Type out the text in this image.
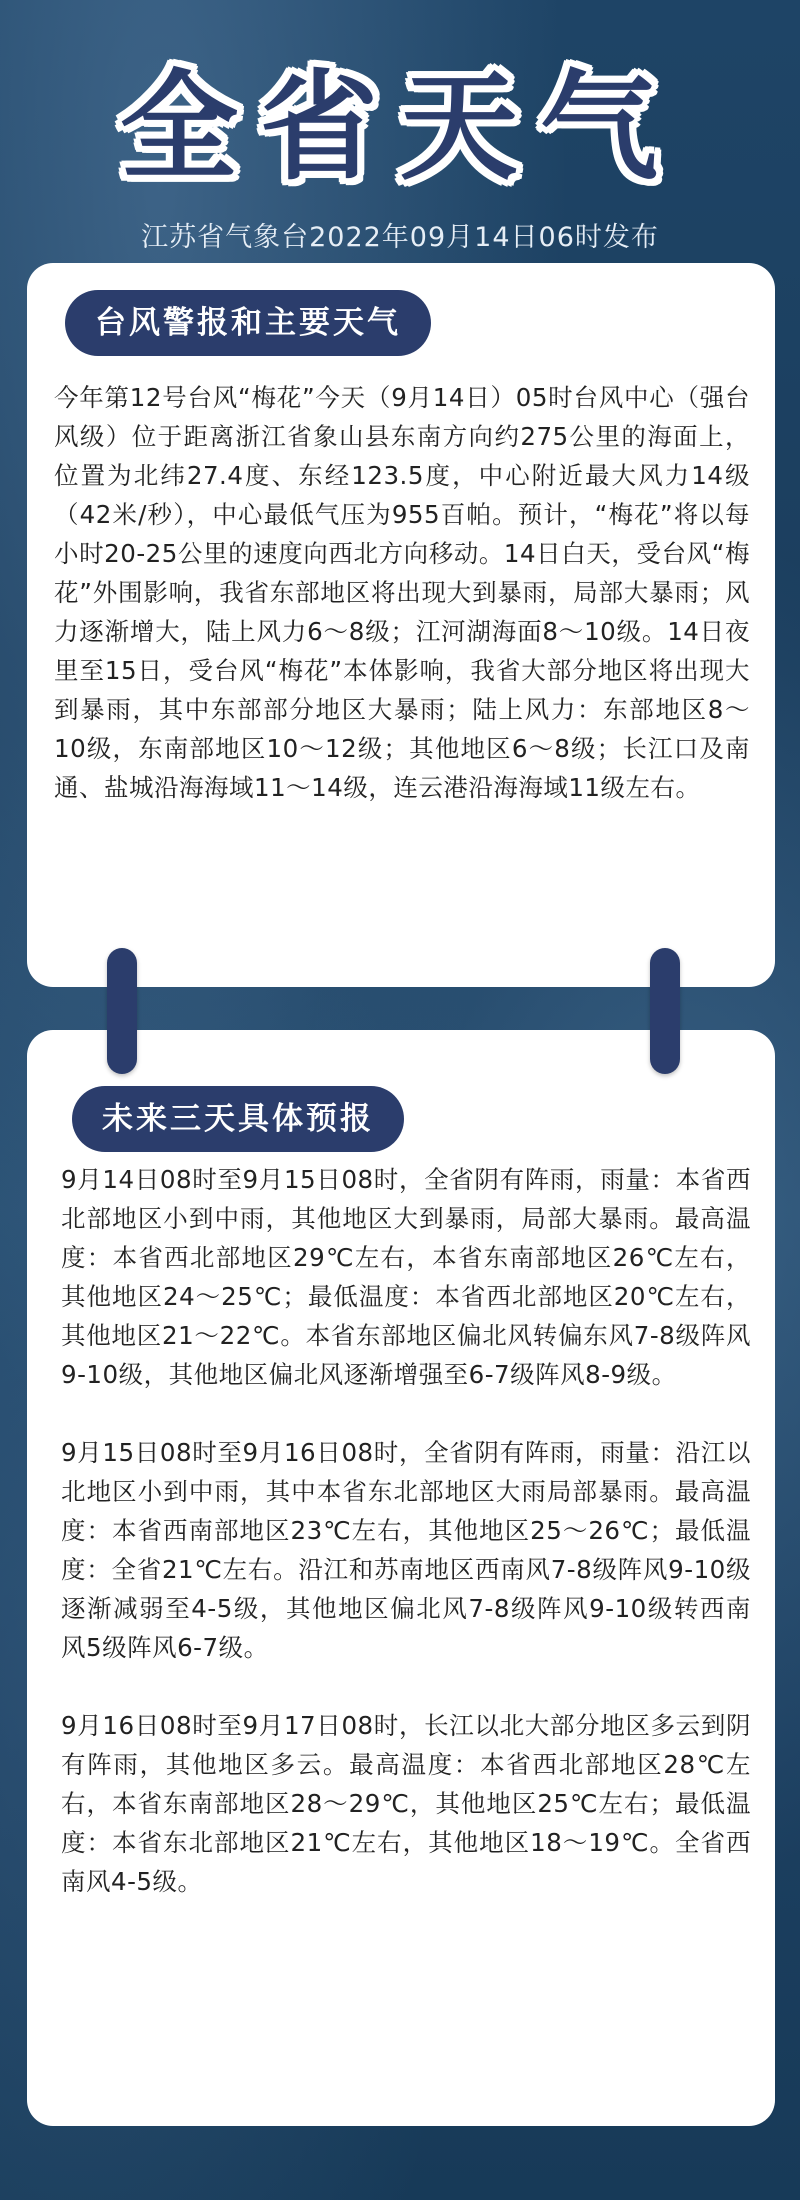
全省天气
江苏省气象台2022年09月14日06时发布
台风警报和主要天气
今年第12号台风“梅花”今天（9月14日）05时台风中心（强台风级）位于距离浙江省象山县东南方向约275公里的海面上，位置为北纬27.4度、东经123.5度，中心附近最大风力14级（42米/秒），中心最低气压为955百帕。预计，“梅花”将以每小时20-25公里的速度向西北方向移动。14日白天，受台风“梅花”外围影响，我省东部地区将出现大到暴雨，局部大暴雨；风力逐渐增大，陆上风力6～8级；江河湖海面8～10级。14日夜里至15日，受台风“梅花”本体影响，我省大部分地区将出现大到暴雨，其中东部部分地区大暴雨；陆上风力：东部地区8～10级，东南部地区10～12级；其他地区6～8级；长江口及南通、盐城沿海海域11～14级，连云港沿海海域11级左右。
未来三天具体预报

9月14日08时至9月15日08时，全省阴有阵雨，雨量：本省西北部地区小到中雨，其他地区大到暴雨，局部大暴雨。最高温度：本省西北部地区29℃左右，本省东南部地区26℃左右，其他地区24～25℃；最低温度：本省西北部地区20℃左右，其他地区21～22℃。本省东部地区偏北风转偏东风7-8级阵风9-10级，其他地区偏北风逐渐增强至6-7级阵风8-9级。

9月15日08时至9月16日08时，全省阴有阵雨，雨量：沿江以北地区小到中雨，其中本省东北部地区大雨局部暴雨。最高温度：本省西南部地区23℃左右，其他地区25～26℃；最低温度：全省21℃左右。沿江和苏南地区西南风7-8级阵风9-10级逐渐减弱至4-5级，其他地区偏北风7-8级阵风9-10级转西南风5级阵风6-7级。

9月16日08时至9月17日08时，长江以北大部分地区多云到阴有阵雨，其他地区多云。最高温度：本省西北部地区28℃左右，本省东南部地区28～29℃，其他地区25℃左右；最低温度：本省东北部地区21℃左右，其他地区18～19℃。全省西南风4-5级。
